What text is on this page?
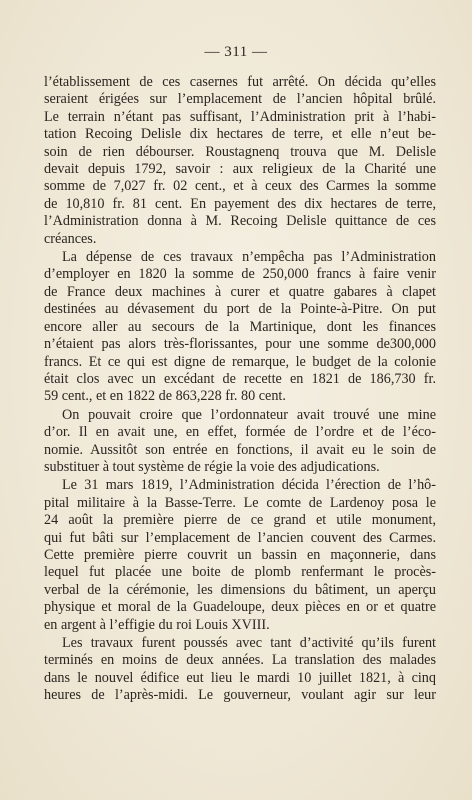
— 311 —
l’établissement de ces casernes fut arrêté. On décida qu’elles
seraient érigées sur l’emplacement de l’ancien hôpital brûlé.
Le terrain n’étant pas suffisant, l’Administration prit à l’habi-
tation Recoing Delisle dix hectares de terre, et elle n’eut be-
soin de rien débourser. Roustagnenq trouva que M. Delisle
devait depuis 1792, savoir : aux religieux de la Charité une
somme de 7,027 fr. 02 cent., et à ceux des Carmes la somme
de 10,810 fr. 81 cent. En payement des dix hectares de terre,
l’Administration donna à M. Recoing Delisle quittance de ces
créances.
La dépense de ces travaux n’empêcha pas l’Administration
d’employer en 1820 la somme de 250,000 francs à faire venir
de France deux machines à curer et quatre gabares à clapet
destinées au dévasement du port de la Pointe-à-Pitre. On put
encore aller au secours de la Martinique, dont les finances
n’étaient pas alors très-florissantes, pour une somme de300,000
francs. Et ce qui est digne de remarque, le budget de la colonie
était clos avec un excédant de recette en 1821 de 186,730 fr.
59 cent., et en 1822 de 863,228 fr. 80 cent.
On pouvait croire que l’ordonnateur avait trouvé une mine
d’or. Il en avait une, en effet, formée de l’ordre et de l’éco-
nomie. Aussitôt son entrée en fonctions, il avait eu le soin de
substituer à tout système de régie la voie des adjudications.
Le 31 mars 1819, l’Administration décida l’érection de l’hô-
pital militaire à la Basse-Terre. Le comte de Lardenoy posa le
24 août la première pierre de ce grand et utile monument,
qui fut bâti sur l’emplacement de l’ancien couvent des Carmes.
Cette première pierre couvrit un bassin en maçonnerie, dans
lequel fut placée une boite de plomb renfermant le procès-
verbal de la cérémonie, les dimensions du bâtiment, un aperçu
physique et moral de la Guadeloupe, deux pièces en or et quatre
en argent à l’effigie du roi Louis XVIII.
Les travaux furent poussés avec tant d’activité qu’ils furent
terminés en moins de deux années. La translation des malades
dans le nouvel édifice eut lieu le mardi 10 juillet 1821, à cinq
heures de l’après-midi. Le gouverneur, voulant agir sur leur
